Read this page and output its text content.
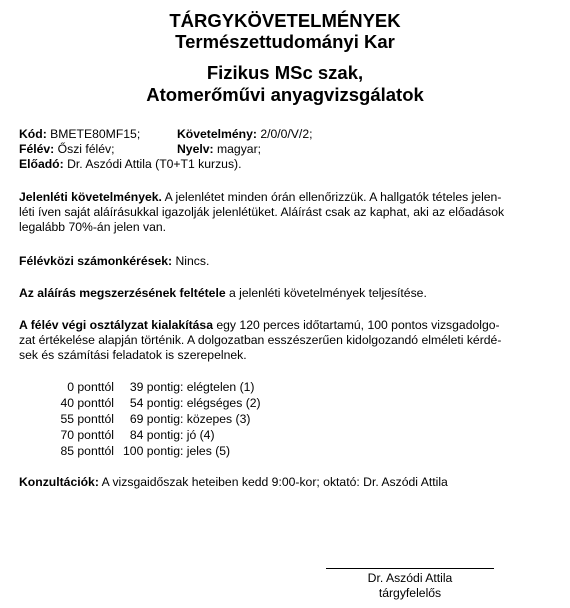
TÁRGYKÖVETELMÉNYEK
Természettudományi Kar
Fizikus MSc szak,
Atomerőművi anyagvizsgálatok
Kód: BMETE80MF15;	Követelmény: 2/0/0/V/2;
Félév: Őszi félév;	Nyelv: magyar;
Előadó: Dr. Aszódi Attila (T0+T1 kurzus).
Jelenléti követelmények. A jelenlétet minden órán ellenőrizzük. A hallgatók tételes jelen-
léti íven saját aláírásukkal igazolják jelenlétüket. Aláírást csak az kaphat, aki az előadások
legalább 70%-án jelen van.
Félévközi számonkérések: Nincs.
Az aláírás megszerzésének feltétele a jelenléti követelmények teljesítése.
A félév végi osztályzat kialakítása egy 120 perces időtartamú, 100 pontos vizsgadolgo-
zat értékelése alapján történik. A dolgozatban esszészerűen kidolgozandó elméleti kérdé-
sek és számítási feladatok is szerepelnek.
0 ponttól 39 pontig: elégtelen (1)
40 ponttól 54 pontig: elégséges (2)
55 ponttól 69 pontig: közepes (3)
70 ponttól 84 pontig: jó (4)
85 ponttól 100 pontig: jeles (5)
Konzultációk: A vizsgaidőszak heteiben kedd 9:00-kor; oktató: Dr. Aszódi Attila
Dr. Aszódi Attila
tárgyfelelős
